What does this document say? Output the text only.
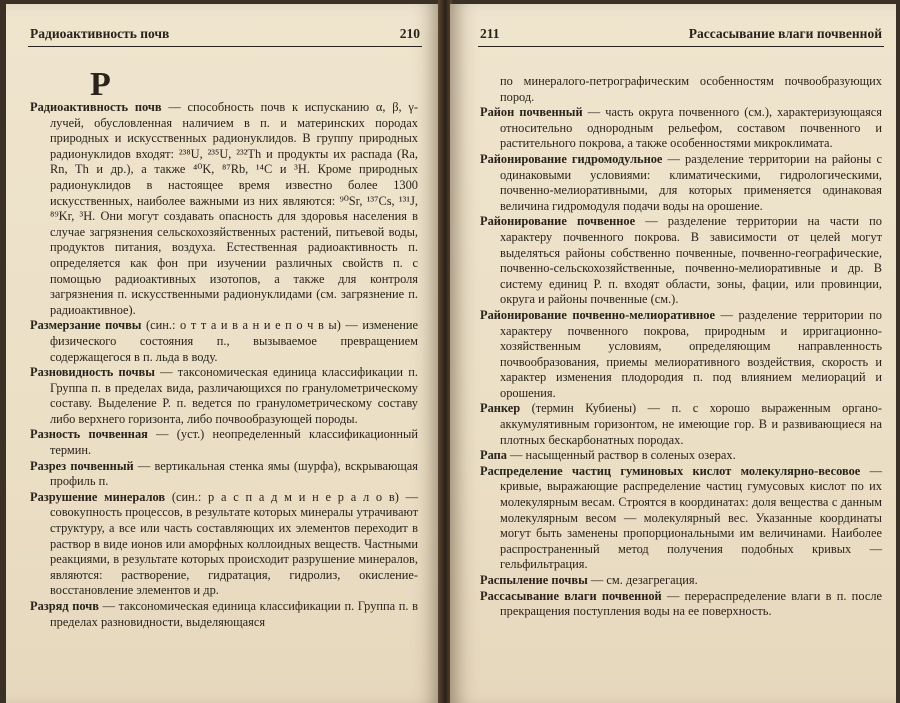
Радиоактивность почв	210
Р

Радиоактивность почв — способность почв к испусканию α, β, γ-лучей, обусловленная наличием в п. и материнских породах природных и искусственных радионуклидов. В группу природных радионуклидов входят: ²³⁸U, ²³⁵U, ²³²Th и продукты их распада (Ra, Rn, Th и др.), а также ⁴⁰K, ⁸⁷Rb, ¹⁴C и ³H. Кроме природных радионуклидов в настоящее время известно более 1300 искусственных, наиболее важными из них являются: ⁹⁰Sr, ¹³⁷Cs, ¹³¹J, ⁸⁹Kr, ³H. Они могут создавать опасность для здоровья населения в случае загрязнения сельскохозяйственных растений, питьевой воды, продуктов питания, воздуха. Естественная радиоактивность п. определяется как фон при изучении различных свойств п. с помощью радиоактивных изотопов, а также для контроля загрязнения п. искусственными радионуклидами (см. загрязнение п. радиоактивное).

Размерзание почвы (син.: о т т а и в а н и е п о ч в ы) — изменение физического состояния п., вызываемое превращением содержащегося в п. льда в воду.

Разновидность почвы — таксономическая единица классификации п. Группа п. в пределах вида, различающихся по гранулометрическому составу. Выделение Р. п. ведется по гранулометрическому составу либо верхнего горизонта, либо почвообразующей породы.

Разность почвенная — (уст.) неопределенный классификационный термин.

Разрез почвенный — вертикальная стенка ямы (шурфа), вскрывающая профиль п.

Разрушение минералов (син.: р а с п а д м и н е р а л о в) — совокупность процессов, в результате которых минералы утрачивают структуру, а все или часть составляющих их элементов переходит в раствор в виде ионов или аморфных коллоидных веществ. Частными реакциями, в результате которых происходит разрушение минералов, являются: растворение, гидратация, гидролиз, окисление-восстановление элементов и др.

Разряд почв — таксономическая единица классификации п. Группа п. в пределах разновидности, выделяющаяся

211	Рассасывание влаги почвенной

по минералого-петрографическим особенностям почвообразующих пород.

Район почвенный — часть округа почвенного (см.), характеризующаяся относительно однородным рельефом, составом почвенного и растительного покрова, а также особенностями микроклимата.

Районирование гидромодульное — разделение территории на районы с одинаковыми условиями: климатическими, гидрологическими, почвенно-мелиоративными, для которых применяется одинаковая величина гидромодуля подачи воды на орошение.

Районирование почвенное — разделение территории на части по характеру почвенного покрова. В зависимости от целей могут выделяться районы собственно почвенные, почвенно-географические, почвенно-сельскохозяйственные, почвенно-мелиоративные и др. В систему единиц Р. п. входят области, зоны, фации, или провинции, округа и районы почвенные (см.).

Районирование почвенно-мелиоративное — разделение территории по характеру почвенного покрова, природным и ирригационно-хозяйственным условиям, определяющим направленность почвообразования, приемы мелиоративного воздействия, скорость и характер изменения плодородия п. под влиянием мелиораций и орошения.

Ранкер (термин Кубиены) — п. с хорошо выраженным органо-аккумулятивным горизонтом, не имеющие гор. В и развивающиеся на плотных бескарбонатных породах.

Рапа — насыщенный раствор в соленых озерах.

Распределение частиц гуминовых кислот молекулярно-весовое — кривые, выражающие распределение частиц гумусовых кислот по их молекулярным весам. Строятся в координатах: доля вещества с данным молекулярным весом — молекулярный вес. Указанные координаты могут быть заменены пропорциональными им величинами. Наиболее распространенный метод получения подобных кривых — гельфильтрация.

Распыление почвы — см. дезагрегация.

Рассасывание влаги почвенной — перераспределение влаги в п. после прекращения поступления воды на ее поверхность.
